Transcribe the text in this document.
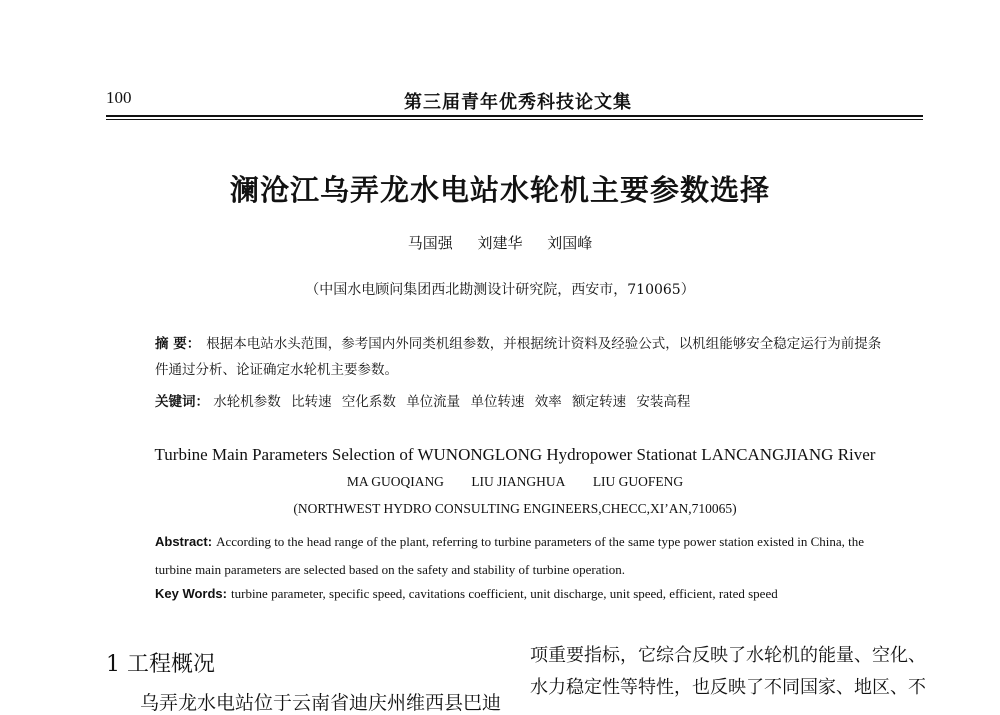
100	第三届青年优秀科技论文集
澜沧江乌弄龙水电站水轮机主要参数选择
马国强 刘建华 刘国峰
（中国水电顾问集团西北勘测设计研究院，西安市，710065）
摘 要： 根据本电站水头范围，参考国内外同类机组参数，并根据统计资料及经验公式，以机组能够安全稳定运行为前提条件通过分析、论证确定水轮机主要参数。
关键词： 水轮机参数 比转速 空化系数 单位流量 单位转速 效率 额定转速 安装高程
Turbine Main Parameters Selection of WUNONGLONG Hydropower Stationat LANCANGJIANG River
MA GUOQIANG LIU JIANGHUA LIU GUOFENG
(NORTHWEST HYDRO CONSULTING ENGINEERS,CHECC,XI’AN,710065)
Abstract: According to the head range of the plant, referring to turbine parameters of the same type power station existed in China, the turbine main parameters are selected based on the safety and stability of turbine operation.
Key Words: turbine parameter, specific speed, cavitations coefficient, unit discharge, unit speed, efficient, rated speed
1 工程概况
乌弄龙水电站位于云南省迪庆州维西县巴迪
项重要指标，它综合反映了水轮机的能量、空化、水力稳定性等特性，也反映了不同国家、地区、不
